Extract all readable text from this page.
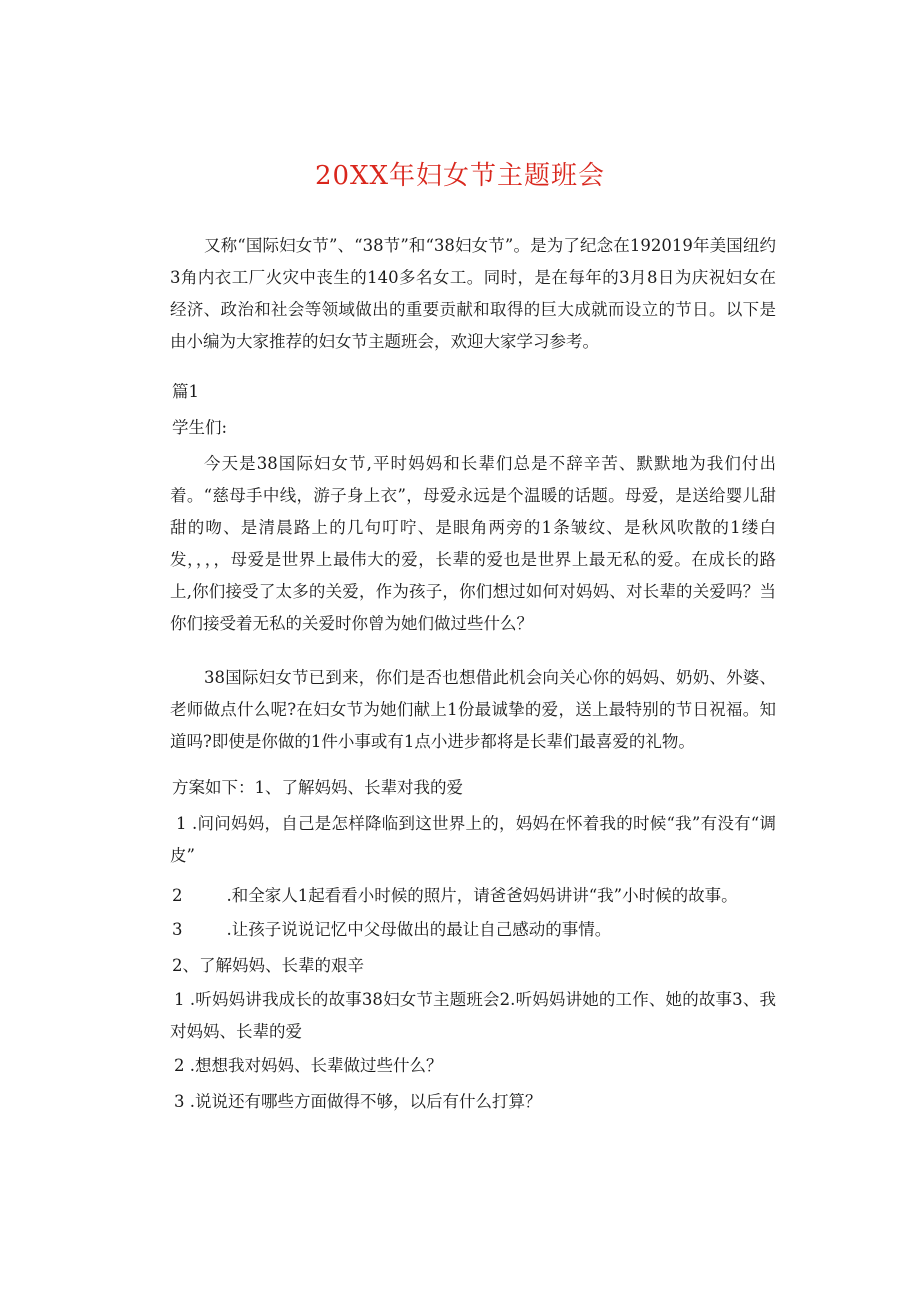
20XX年妇女节主题班会

又称“国际妇女节”、“38节”和“38妇女节”。是为了纪念在192019年美国纽约3角内衣工厂火灾中丧生的140多名女工。同时，是在每年的3月8日为庆祝妇女在经济、政治和社会等领域做出的重要贡献和取得的巨大成就而设立的节日。以下是由小编为大家推荐的妇女节主题班会，欢迎大家学习参考。

篇1

学生们:

今天是38国际妇女节,平时妈妈和长辈们总是不辞辛苦、默默地为我们付出着。“慈母手中线，游子身上衣”，母爱永远是个温暖的话题。母爱，是送给婴儿甜甜的吻、是清晨路上的几句叮咛、是眼角两旁的1条皱纹、是秋风吹散的1缕白发，，，，母爱是世界上最伟大的爱，长辈的爱也是世界上最无私的爱。在成长的路上,你们接受了太多的关爱，作为孩子，你们想过如何对妈妈、对长辈的关爱吗？当你们接受着无私的关爱时你曾为她们做过些什么？

38国际妇女节已到来，你们是否也想借此机会向关心你的妈妈、奶奶、外婆、老师做点什么呢?在妇女节为她们献上1份最诚挚的爱，送上最特别的节日祝福。知道吗?即使是你做的1件小事或有1点小进步都将是长辈们最喜爱的礼物。

方案如下：1、了解妈妈、长辈对我的爱

1 .问问妈妈，自己是怎样降临到这世界上的，妈妈在怀着我的时候“我”有没有“调皮”

2	.和全家人1起看看小时候的照片，请爸爸妈妈讲讲“我”小时候的故事。

3	.让孩子说说记忆中父母做出的最让自己感动的事情。

2、了解妈妈、长辈的艰辛

1 .听妈妈讲我成长的故事38妇女节主题班会2.听妈妈讲她的工作、她的故事3、我对妈妈、长辈的爱

2 .想想我对妈妈、长辈做过些什么？

3 .说说还有哪些方面做得不够，以后有什么打算？
